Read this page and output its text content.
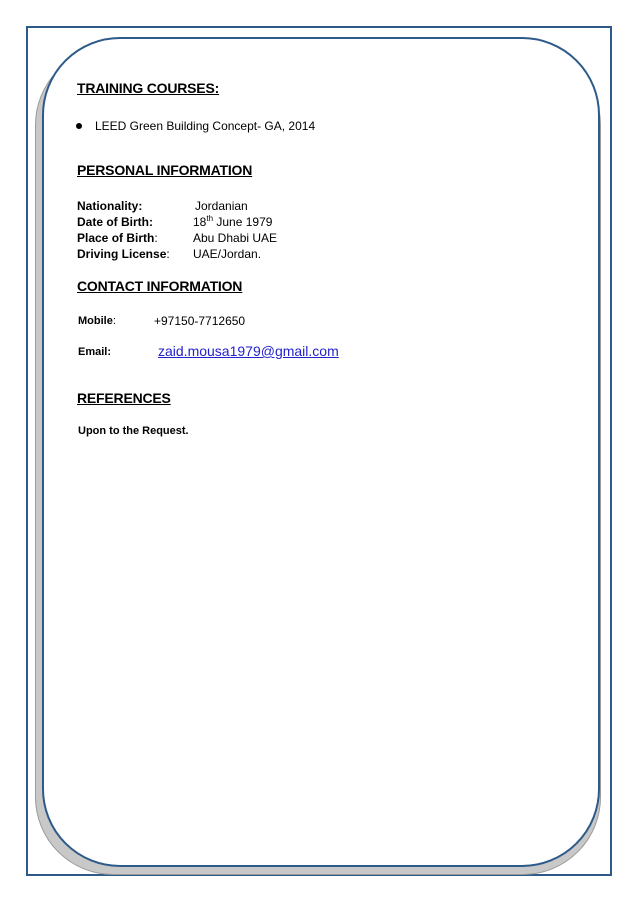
TRAINING COURSES:
LEED Green Building Concept- GA, 2014
PERSONAL INFORMATION
Nationality:	Jordanian
Date of Birth:	18th June 1979
Place of Birth:	Abu Dhabi UAE
Driving License: UAE/Jordan.
CONTACT INFORMATION
Mobile:	+97150-7712650
Email:	zaid.mousa1979@gmail.com
REFERENCES
Upon to the Request.
